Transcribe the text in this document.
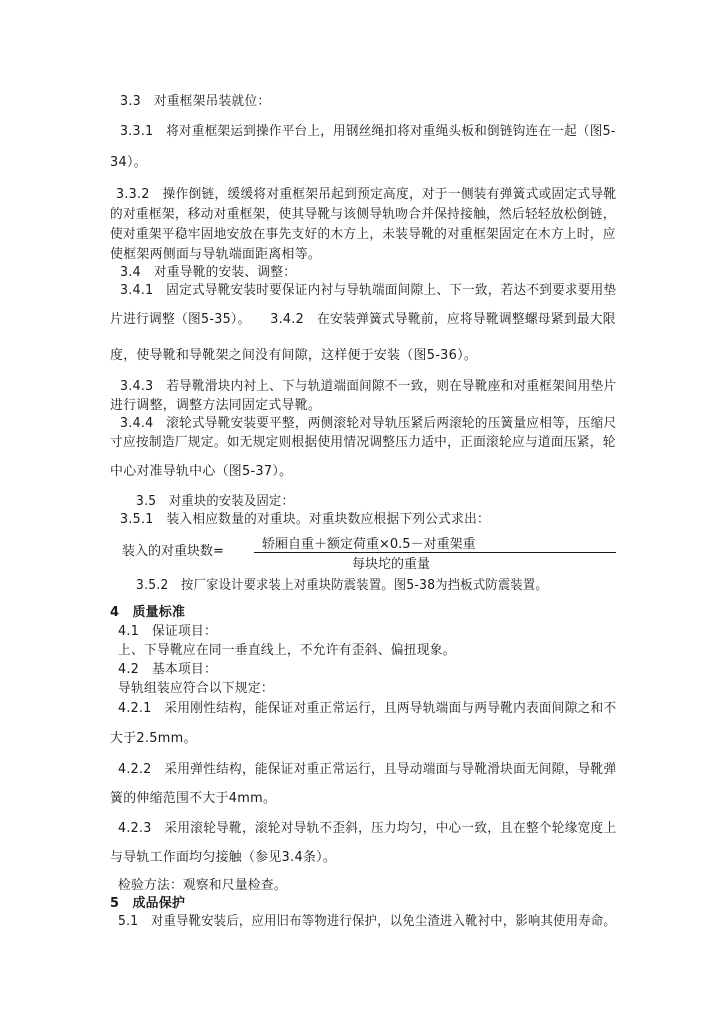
3.3　对重框架吊装就位：
3.3.1　将对重框架运到操作平台上，用钢丝绳扣将对重绳头板和倒链钩连在一起（图5-
34）。
3.3.2　操作倒链，缓缓将对重框架吊起到预定高度，对于一侧装有弹簧式或固定式导靴
的对重框架，移动对重框架，使其导靴与该侧导轨吻合并保持接触，然后轻轻放松倒链，
使对重架平稳牢固地安放在事先支好的木方上，未装导靴的对重框架固定在木方上时，应
使框架两侧面与导轨端面距离相等。
3.4　对重导靴的安装、调整：
3.4.1　固定式导靴安装时要保证内衬与导轨端面间隙上、下一致，若达不到要求要用垫
片进行调整（图5-35）。　　3.4.2　在安装弹簧式导靴前，应将导靴调整螺母紧到最大限
度，使导靴和导靴架之间没有间隙，这样便于安装（图5-36）。
3.4.3　若导靴滑块内衬上、下与轨道端面间隙不一致，则在导靴座和对重框架间用垫片
进行调整，调整方法同固定式导靴。
3.4.4　滚轮式导靴安装要平整，两侧滚轮对导轨压紧后两滚轮的压簧量应相等，压缩尺
寸应按制造厂规定。如无规定则根据使用情况调整压力适中，正面滚轮应与道面压紧，轮
中心对准导轨中心（图5-37）。
3.5　对重块的安装及固定：
3.5.1　装入相应数量的对重块。对重块数应根据下列公式求出：
装入的对重块数=	轿厢自重＋额定荷重×0.5－对重架重
每块坨的重量
3.5.2　按厂家设计要求装上对重块防震装置。图5-38为挡板式防震装置。
4　质量标准
4.1　保证项目：
上、下导靴应在同一垂直线上，不允许有歪斜、偏扭现象。
4.2　基本项目：
导轨组装应符合以下规定：
4.2.1　采用刚性结构，能保证对重正常运行，且两导轨端面与两导靴内表面间隙之和不
大于2.5mm。
4.2.2　采用弹性结构，能保证对重正常运行，且导动端面与导靴滑块面无间隙，导靴弹
簧的伸缩范围不大于4mm。
4.2.3　采用滚轮导靴，滚轮对导轨不歪斜，压力均匀，中心一致，且在整个轮缘宽度上
与导轨工作面均匀接触（参见3.4条）。
检验方法：观察和尺量检查。
5　成品保护
5.1　对重导靴安装后，应用旧布等物进行保护，以免尘渣进入靴衬中，影响其使用寿命。
